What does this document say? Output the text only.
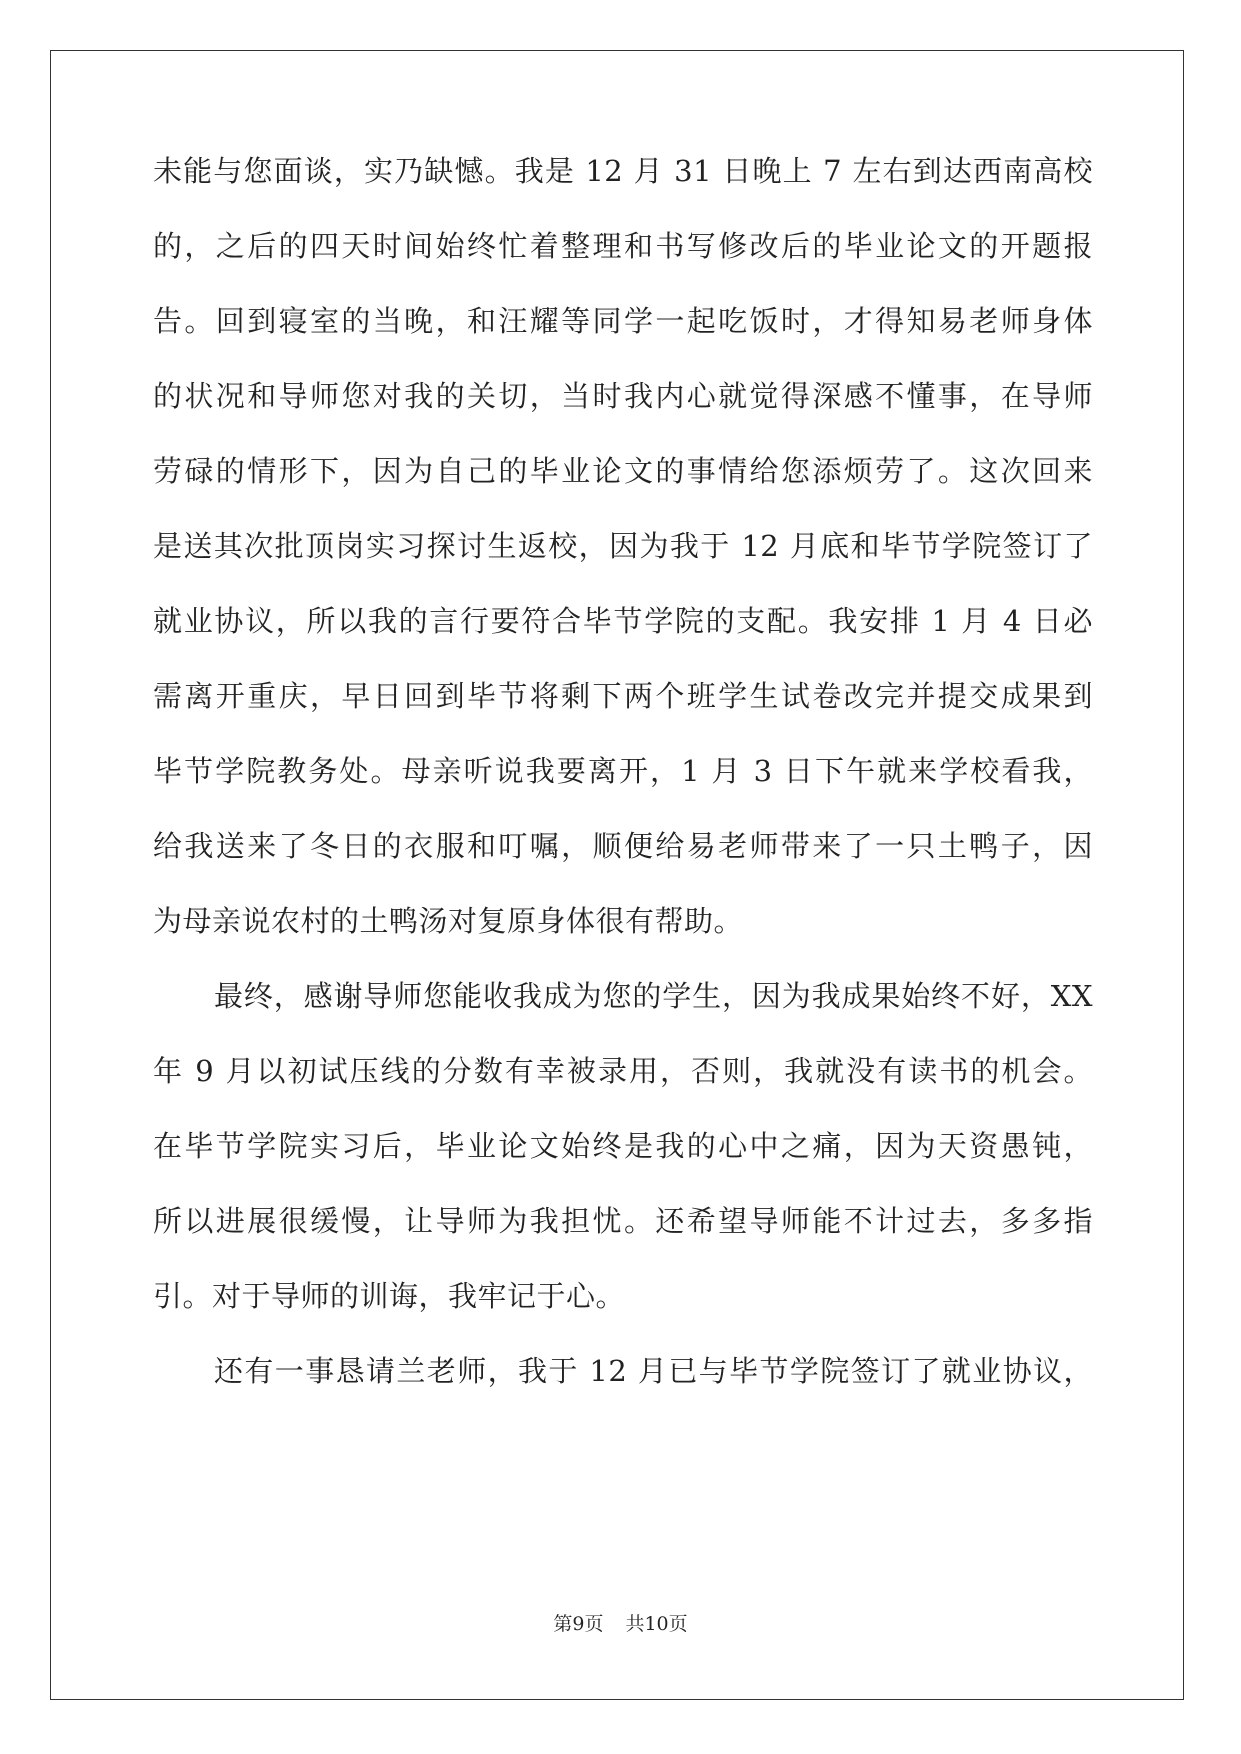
未能与您面谈，实乃缺憾。我是 12 月 31 日晚上 7 左右到达西南高校
的，之后的四天时间始终忙着整理和书写修改后的毕业论文的开题报
告。回到寝室的当晚，和汪耀等同学一起吃饭时，才得知易老师身体
的状况和导师您对我的关切，当时我内心就觉得深感不懂事，在导师
劳碌的情形下，因为自己的毕业论文的事情给您添烦劳了。这次回来
是送其次批顶岗实习探讨生返校，因为我于 12 月底和毕节学院签订了
就业协议，所以我的言行要符合毕节学院的支配。我安排 1 月 4 日必
需离开重庆，早日回到毕节将剩下两个班学生试卷改完并提交成果到
毕节学院教务处。母亲听说我要离开，1 月 3 日下午就来学校看我，
给我送来了冬日的衣服和叮嘱，顺便给易老师带来了一只土鸭子，因
为母亲说农村的土鸭汤对复原身体很有帮助。
最终，感谢导师您能收我成为您的学生，因为我成果始终不好，XX
年 9 月以初试压线的分数有幸被录用，否则，我就没有读书的机会。
在毕节学院实习后，毕业论文始终是我的心中之痛，因为天资愚钝，
所以进展很缓慢，让导师为我担忧。还希望导师能不计过去，多多指
引。对于导师的训诲，我牢记于心。
还有一事恳请兰老师，我于 12 月已与毕节学院签订了就业协议，
第9页 共10页
